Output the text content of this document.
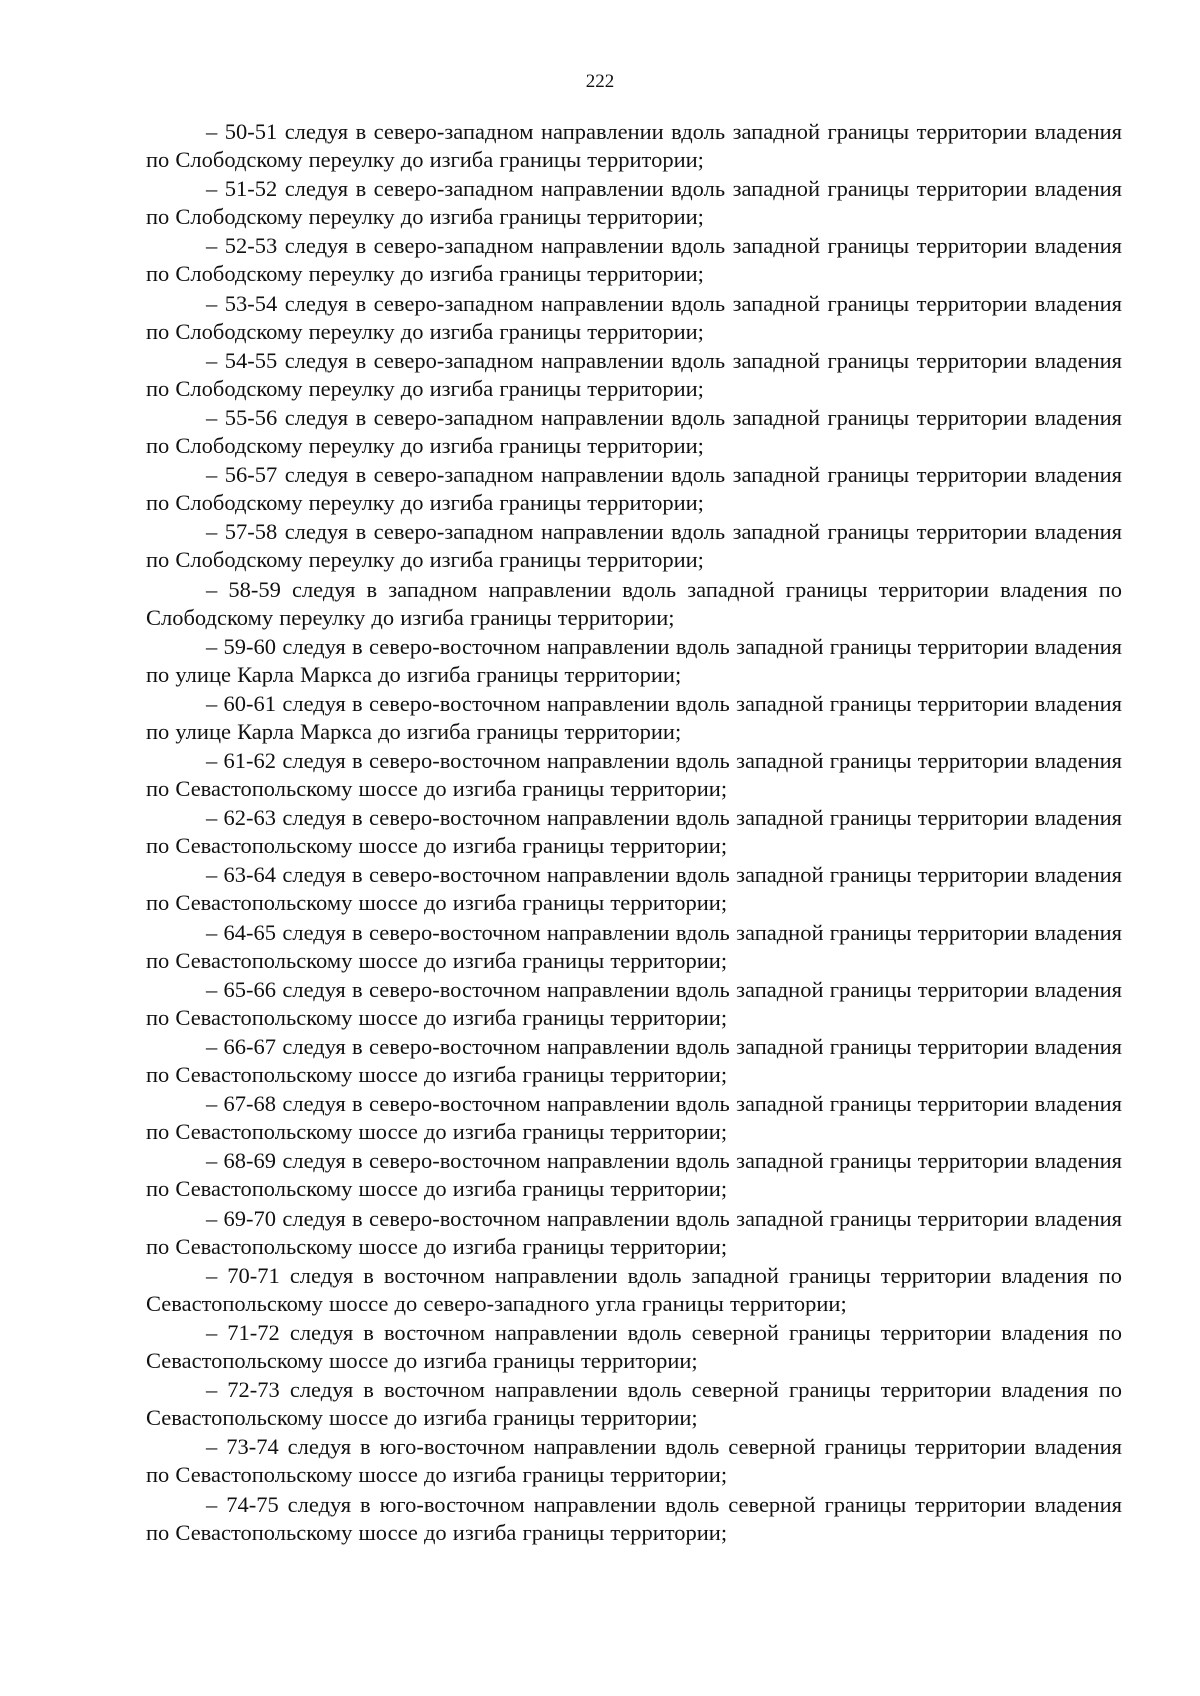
222

– 50-51 следуя в северо-западном направлении вдоль западной границы территории владения по Слободскому переулку до изгиба границы территории;

– 51-52 следуя в северо-западном направлении вдоль западной границы территории владения по Слободскому переулку до изгиба границы территории;

– 52-53 следуя в северо-западном направлении вдоль западной границы территории владения по Слободскому переулку до изгиба границы территории;

– 53-54 следуя в северо-западном направлении вдоль западной границы территории владения по Слободскому переулку до изгиба границы территории;

– 54-55 следуя в северо-западном направлении вдоль западной границы территории владения по Слободскому переулку до изгиба границы территории;

– 55-56 следуя в северо-западном направлении вдоль западной границы территории владения по Слободскому переулку до изгиба границы территории;

– 56-57 следуя в северо-западном направлении вдоль западной границы территории владения по Слободскому переулку до изгиба границы территории;

– 57-58 следуя в северо-западном направлении вдоль западной границы территории владения по Слободскому переулку до изгиба границы территории;

– 58-59 следуя в западном направлении вдоль западной границы территории владения по Слободскому переулку до изгиба границы территории;

– 59-60 следуя в северо-восточном направлении вдоль западной границы территории владения по улице Карла Маркса до изгиба границы территории;

– 60-61 следуя в северо-восточном направлении вдоль западной границы территории владения по улице Карла Маркса до изгиба границы территории;

– 61-62 следуя в северо-восточном направлении вдоль западной границы территории владения по Севастопольскому шоссе до изгиба границы территории;

– 62-63 следуя в северо-восточном направлении вдоль западной границы территории владения по Севастопольскому шоссе до изгиба границы территории;

– 63-64 следуя в северо-восточном направлении вдоль западной границы территории владения по Севастопольскому шоссе до изгиба границы территории;

– 64-65 следуя в северо-восточном направлении вдоль западной границы территории владения по Севастопольскому шоссе до изгиба границы территории;

– 65-66 следуя в северо-восточном направлении вдоль западной границы территории владения по Севастопольскому шоссе до изгиба границы территории;

– 66-67 следуя в северо-восточном направлении вдоль западной границы территории владения по Севастопольскому шоссе до изгиба границы территории;

– 67-68 следуя в северо-восточном направлении вдоль западной границы территории владения по Севастопольскому шоссе до изгиба границы территории;

– 68-69 следуя в северо-восточном направлении вдоль западной границы территории владения по Севастопольскому шоссе до изгиба границы территории;

– 69-70 следуя в северо-восточном направлении вдоль западной границы территории владения по Севастопольскому шоссе до изгиба границы территории;

– 70-71 следуя в восточном направлении вдоль западной границы территории владения по Севастопольскому шоссе до северо-западного угла границы территории;

– 71-72 следуя в восточном направлении вдоль северной границы территории владения по Севастопольскому шоссе до изгиба границы территории;

– 72-73 следуя в восточном направлении вдоль северной границы территории владения по Севастопольскому шоссе до изгиба границы территории;

– 73-74 следуя в юго-восточном направлении вдоль северной границы территории владения по Севастопольскому шоссе до изгиба границы территории;

– 74-75 следуя в юго-восточном направлении вдоль северной границы территории владения по Севастопольскому шоссе до изгиба границы территории;
